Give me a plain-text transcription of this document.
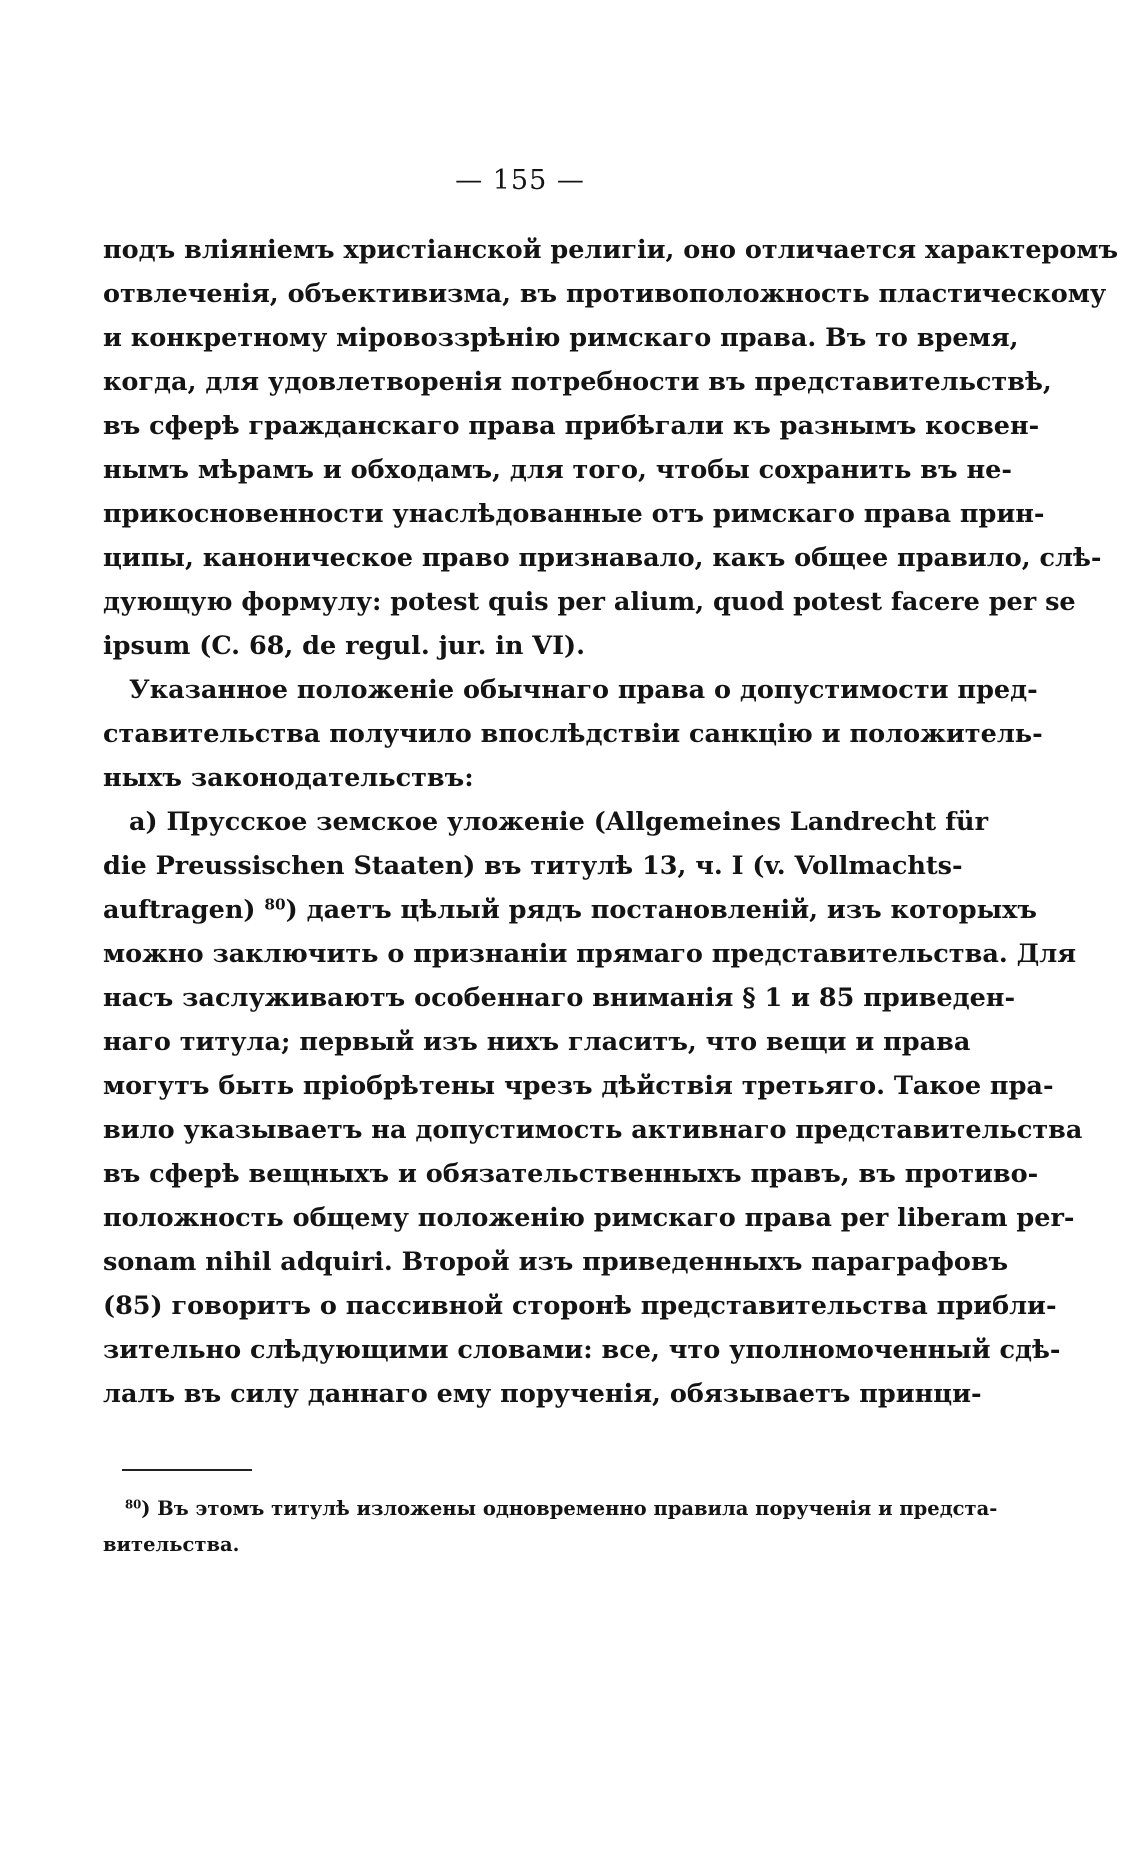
— 155 —
подъ вліяніемъ христіанской религіи, оно отличается характеромъ
отвлеченія, объективизма, въ противоположность пластическому
и конкретному міровоззрѣнію римскаго права. Въ то время,
когда, для удовлетворенія потребности въ представительствѣ,
въ сферѣ гражданскаго права прибѣгали къ разнымъ косвен-
нымъ мѣрамъ и обходамъ, для того, чтобы сохранить въ не-
прикосновенности унаслѣдованные отъ римскаго права прин-
ципы, каноническое право признавало, какъ общее правило, слѣ-
дующую формулу: potest quis per alium, quod potest facere per se
ipsum (C. 68, de regul. jur. in VI).
Указанное положеніе обычнаго права о допустимости пред-
ставительства получило впослѣдствіи санкцію и положитель-
ныхъ законодательствъ:
a) Прусское земское уложеніе (Allgemeines Landrecht für
die Preussischen Staaten) въ титулѣ 13, ч. I (v. Vollmachts-
auftragen) $^{80}$) даетъ цѣлый рядъ постановленій, изъ которыхъ
можно заключить о признаніи прямаго представительства. Для
насъ заслуживаютъ особеннаго вниманія § 1 и 85 приведен-
наго титула; первый изъ нихъ гласитъ, что вещи и права
могутъ быть пріобрѣтены чрезъ дѣйствія третьяго. Такое пра-
вило указываетъ на допустимость активнаго представительства
въ сферѣ вещныхъ и обязательственныхъ правъ, въ противо-
положность общему положенію римскаго права per liberam per-
sonam nihil adquiri. Второй изъ приведенныхъ параграфовъ
(85) говоритъ о пассивной сторонѣ представительства прибли-
зительно слѣдующими словами: все, что уполномоченный сдѣ-
лалъ въ силу даннаго ему порученія, обязываетъ принци-
$^{80}$) Въ этомъ титулѣ изложены одновременно правила порученія и предста-
вительства.
